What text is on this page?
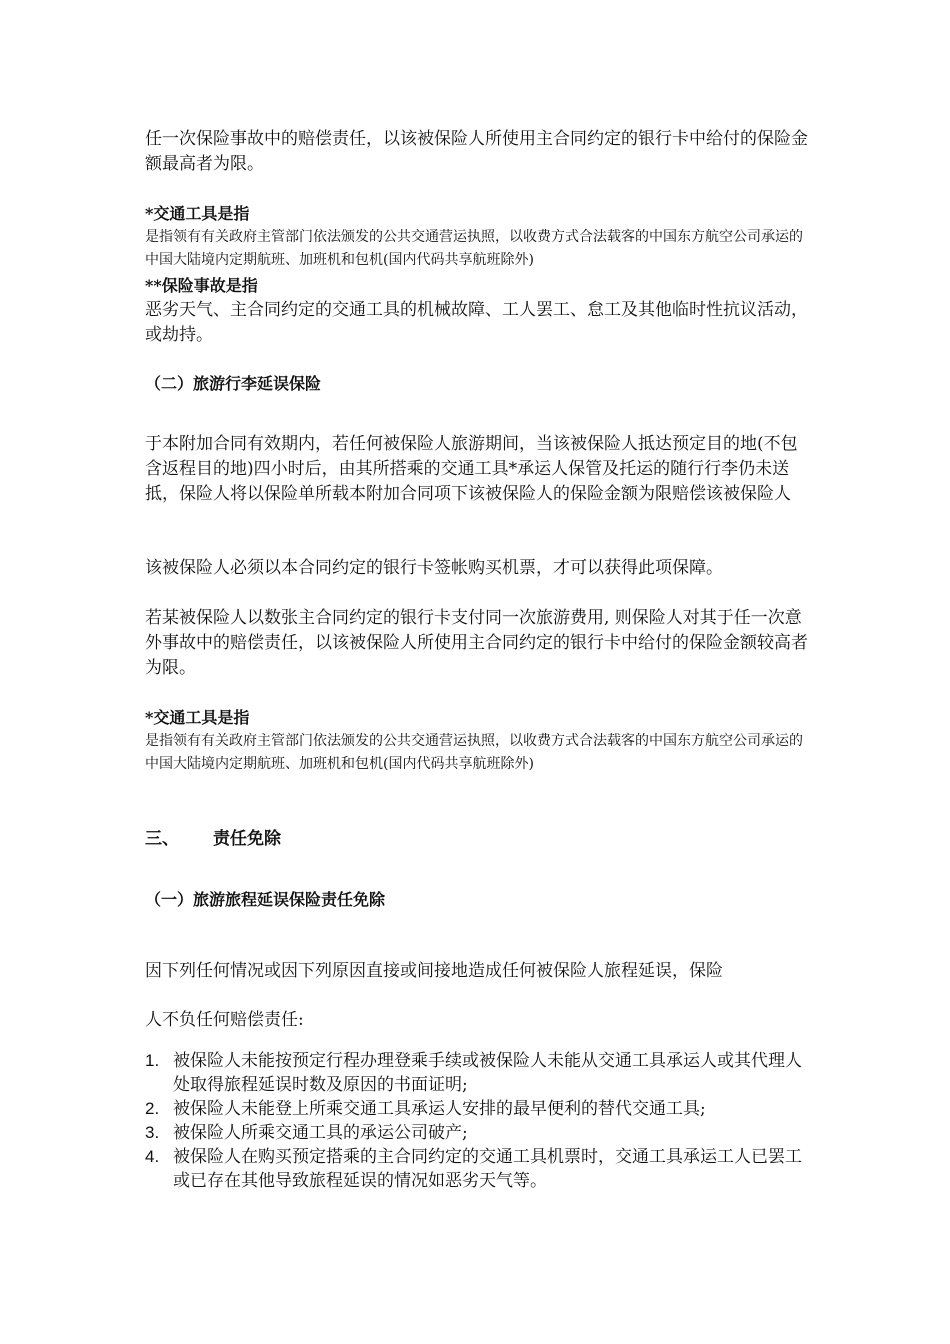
任一次保险事故中的赔偿责任，以该被保险人所使用主合同约定的银行卡中给付的保险金额最高者为限。

*交通工具是指

是指领有有关政府主管部门依法颁发的公共交通营运执照，以收费方式合法载客的中国东方航空公司承运的中国大陆境内定期航班、加班机和包机(国内代码共享航班除外)

**保险事故是指

恶劣天气、主合同约定的交通工具的机械故障、工人罢工、怠工及其他临时性抗议活动，或劫持。

（二）旅游行李延误保险

于本附加合同有效期内，若任何被保险人旅游期间，当该被保险人抵达预定目的地(不包含返程目的地)四小时后，由其所搭乘的交通工具*承运人保管及托运的随行行李仍未送抵，保险人将以保险单所载本附加合同项下该被保险人的保险金额为限赔偿该被保险人

该被保险人必须以本合同约定的银行卡签帐购买机票，才可以获得此项保障。

若某被保险人以数张主合同约定的银行卡支付同一次旅游费用, 则保险人对其于任一次意外事故中的赔偿责任，以该被保险人所使用主合同约定的银行卡中给付的保险金额较高者为限。

*交通工具是指

是指领有有关政府主管部门依法颁发的公共交通营运执照，以收费方式合法载客的中国东方航空公司承运的中国大陆境内定期航班、加班机和包机(国内代码共享航班除外)

三、 责任免除
（一）旅游旅程延误保险责任免除
因下列任何情况或因下列原因直接或间接地造成任何被保险人旅程延误，保险
人不负任何赔偿责任:
1. 被保险人未能按预定行程办理登乘手续或被保险人未能从交通工具承运人或其代理人处取得旅程延误时数及原因的书面证明;
2. 被保险人未能登上所乘交通工具承运人安排的最早便利的替代交通工具;
3. 被保险人所乘交通工具的承运公司破产;
4. 被保险人在购买预定搭乘的主合同约定的交通工具机票时，交通工具承运工人已罢工或已存在其他导致旅程延误的情况如恶劣天气等。
